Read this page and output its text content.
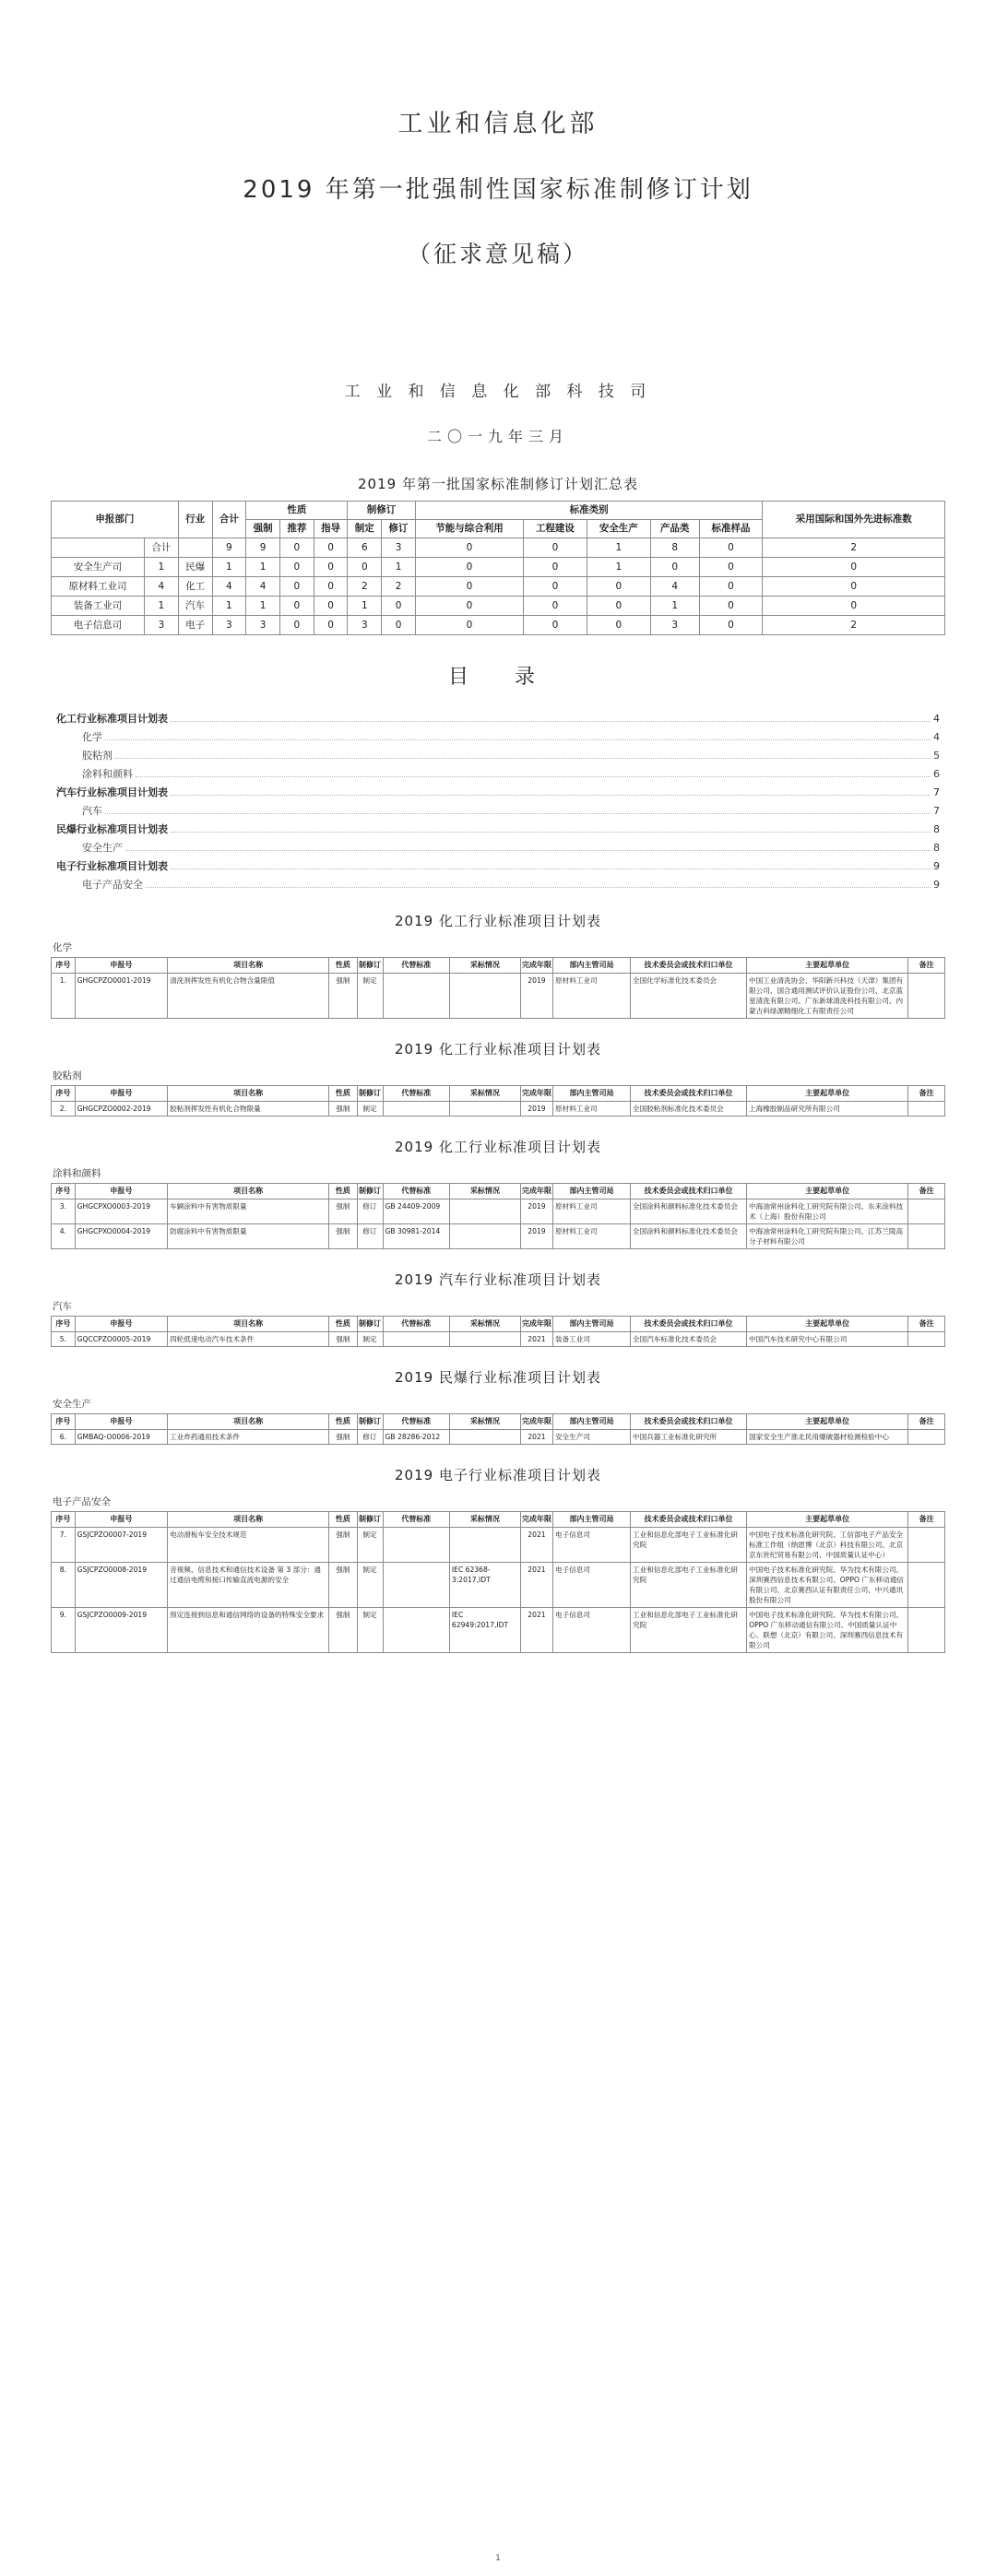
工业和信息化部
2019 年第一批强制性国家标准制修订计划
（征求意见稿）
工 业 和 信 息 化 部 科 技 司
二〇一九年三月
2019 年第一批国家标准制修订计划汇总表
申报部门		行业	合计	性质			制修订		标准类别					采用国际和国外先进标准数
				强制	推荐	指导	制定	修订	节能与综合利用	工程建设	安全生产	产品类	标准样品	
	合计		9	9	0	0	6	3	0	0	1	8	0	2
安全生产司	1	民爆	1	1	0	0	0	1	0	0	1	0	0	0
原材料工业司	4	化工	4	4	0	0	2	2	0	0	0	4	0	0
装备工业司	1	汽车	1	1	0	0	1	0	0	0	0	1	0	0
电子信息司	3	电子	3	3	0	0	3	0	0	0	0	3	0	2
目　录
化工行业标准项目计划表	4
化学	4
胶粘剂	5
涂料和颜料	6
汽车行业标准项目计划表	7
汽车	7
民爆行业标准项目计划表	8
安全生产	8
电子行业标准项目计划表	9
电子产品安全	9
2019 化工行业标准项目计划表
化学
序号	申报号	项目名称	性质	制修订	代替标准	采标情况	完成年限	部内主管司局	技术委员会或技术归口单位	主要起草单位	备注
1.	GHGCPZO0001-2019	清洗剂挥发性有机化合物含量限值	强制	制定			2019	原材料工业司	全国化学标准化技术委员会	中国工业清洗协会、华阳新兴科技（天津）集团有限公司、国合通用测试评价认证股份公司、北京蓝星清洗有限公司、广东新球清洗科技有限公司、内蒙古科绿源精细化工有限责任公司	
2019 化工行业标准项目计划表
胶粘剂
序号	申报号	项目名称	性质	制修订	代替标准	采标情况	完成年限	部内主管司局	技术委员会或技术归口单位	主要起草单位	备注
2.	GHGCPZO0002-2019	胶粘剂挥发性有机化合物限量	强制	制定			2019	原材料工业司	全国胶粘剂标准化技术委员会	上海橡胶制品研究所有限公司	
2019 化工行业标准项目计划表
涂料和颜料
序号	申报号	项目名称	性质	制修订	代替标准	采标情况	完成年限	部内主管司局	技术委员会或技术归口单位	主要起草单位	备注
3.	GHGCPXO0003-2019	车辆涂料中有害物质限量	强制	修订	GB 24409-2009		2019	原材料工业司	全国涂料和颜料标准化技术委员会	中海油常州涂料化工研究院有限公司、东来涂料技术（上海）股份有限公司	
4.	GHGCPXO0004-2019	防腐涂料中有害物质限量	强制	修订	GB 30981-2014		2019	原材料工业司	全国涂料和颜料标准化技术委员会	中海油常州涂料化工研究院有限公司、江苏兰陵高分子材料有限公司	
2019 汽车行业标准项目计划表
汽车
序号	申报号	项目名称	性质	制修订	代替标准	采标情况	完成年限	部内主管司局	技术委员会或技术归口单位	主要起草单位	备注
5.	GQCCPZO0005-2019	四轮低速电动汽车技术条件	强制	制定			2021	装备工业司	全国汽车标准化技术委员会	中国汽车技术研究中心有限公司	
2019 民爆行业标准项目计划表
安全生产
序号	申报号	项目名称	性质	制修订	代替标准	采标情况	完成年限	部内主管司局	技术委员会或技术归口单位	主要起草单位	备注
6.	GMBAQ-O0006-2019	工业炸药通用技术条件	强制	修订	GB 28286-2012		2021	安全生产司	中国兵器工业标准化研究所	国家安全生产淮北民用爆破器材检测检验中心	
2019 电子行业标准项目计划表
电子产品安全
序号	申报号	项目名称	性质	制修订	代替标准	采标情况	完成年限	部内主管司局	技术委员会或技术归口单位	主要起草单位	备注
7.	GSJCPZO0007-2019	电动滑板车安全技术规范	强制	制定			2021	电子信息司	工业和信息化部电子工业标准化研究院	中国电子技术标准化研究院、工信部电子产品安全标准工作组（纳恩博（北京）科技有限公司、北京京东世纪贸易有限公司、中国质量认证中心）	
8.	GSJCPZO0008-2019	音视频、信息技术和通信技术设备 第 3 部分：通过通信电缆和接口传输直流电源的安全	强制	制定		IEC 62368-3:2017,IDT	2021	电子信息司	工业和信息化部电子工业标准化研究院	中国电子技术标准化研究院、华为技术有限公司、深圳赛西信息技术有限公司、OPPO 广东移动通信有限公司、北京赛西认证有限责任公司、中兴通讯股份有限公司	
9.	GSJCPZO0009-2019	预定连接到信息和通信网络的设备的特殊安全要求	强制	制定		IEC 62949:2017,IDT	2021	电子信息司	工业和信息化部电子工业标准化研究院	中国电子技术标准化研究院、华为技术有限公司、OPPO 广东移动通信有限公司、中国质量认证中心、联想（北京）有限公司、深圳赛西信息技术有限公司	
1
